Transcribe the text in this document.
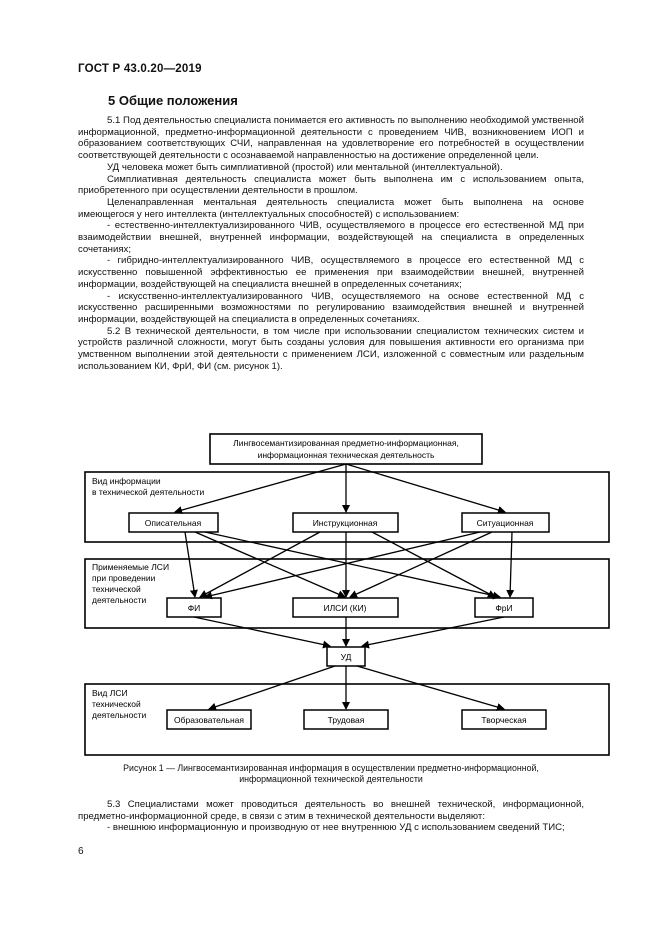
ГОСТ Р 43.0.20—2019
5 Общие положения

5.1 Под деятельностью специалиста понимается его активность по выполнению необходимой умственной информационной, предметно-информационной деятельности с проведением ЧИВ, возникновением ИОП и образованием соответствующих СЧИ, направленная на удовлетворение его потребностей в осуществлении соответствующей деятельности с осознаваемой направленностью на достижение определенной цели.

УД человека может быть симплиативной (простой) или ментальной (интеллектуальной).

Симплиативная деятельность специалиста может быть выполнена им с использованием опыта, приобретенного при осуществлении деятельности в прошлом.

Целенаправленная ментальная деятельность специалиста может быть выполнена на основе имеющегося у него интеллекта (интеллектуальных способностей) с использованием:

- естественно-интеллектуализированного ЧИВ, осуществляемого в процессе его естественной МД при взаимодействии внешней, внутренней информации, воздействующей на специалиста в определенных сочетаниях;

- гибридно-интеллектуализированного ЧИВ, осуществляемого в процессе его естественной МД с искусственно повышенной эффективностью ее применения при взаимодействии внешней, внутренней информации, воздействующей на специалиста внешней в определенных сочетаниях;

- искусственно-интеллектуализированного ЧИВ, осуществляемого на основе естественной МД с искусственно расширенными возможностями по регулированию взаимодействия внешней и внутренней информации, воздействующей на специалиста в определенных сочетаниях.

5.2 В технической деятельности, в том числе при использовании специалистом технических систем и устройств различной сложности, могут быть созданы условия для повышения активности его организма при умственном выполнении этой деятельности с применением ЛСИ, изложенной с совместным или раздельным использованием КИ, ФрИ, ФИ (см. рисунок 1).

Лингвосемантизированная предметно-информационная,
информационная техническая деятельность
Вид информации
в технической деятельности
Описательная	Инструкционная	Ситуационная
Применяемые ЛСИ
при проведении
технической
деятельности
ФИ	ИЛСИ (КИ)	ФрИ
УД
Вид ЛСИ
технической
деятельности	Образовательная	Трудовая	Творческая
Рисунок 1 — Лингвосемантизированная информация в осуществлении предметно-информационной,
информационной технической деятельности

5.3 Специалистами может проводиться деятельность во внешней технической, информационной, предметно-информационной среде, в связи с этим в технической деятельности выделяют:

- внешнюю информационную и производную от нее внутреннюю УД с использованием сведений ТИС;

6
